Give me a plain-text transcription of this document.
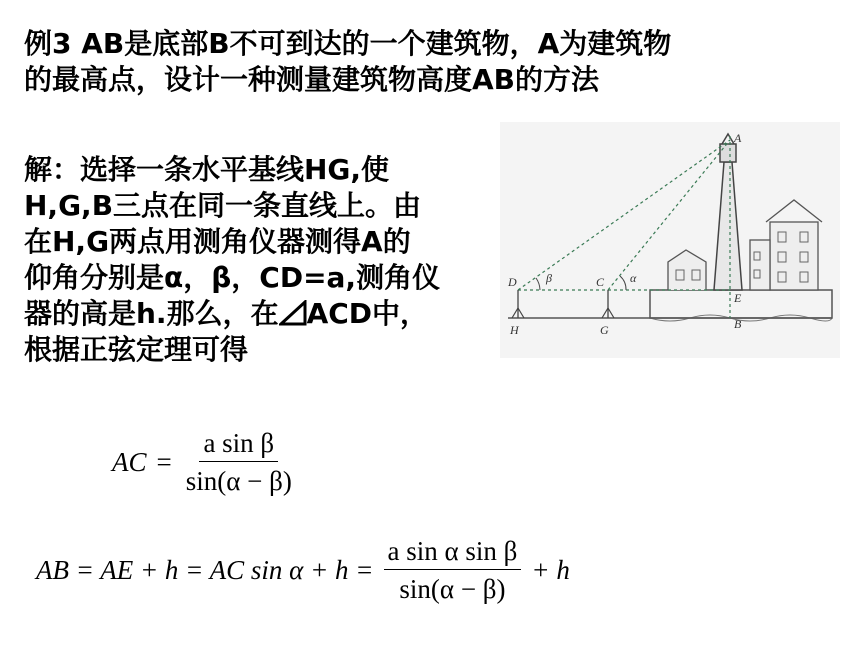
例3 AB是底部B不可到达的一个建筑物，A为建筑物
的最高点，设计一种测量建筑物高度AB的方法
解：选择一条水平基线HG,使
H,G,B三点在同一条直线上。由
在H,G两点用测角仪器测得A的
仰角分别是α，β，CD=a,测角仪
器的高是h.那么，在 ACD中，
根据正弦定理可得
A
E
B
D	C
H	G
β	α
AC = $\frac{\text{a sin β}}{\sin(\alpha - \beta)}$
AB = AE + h = AC $\sin \alpha + h = \frac{\text{a sin α sin β}}{\sin(\alpha - \beta)} + h$
